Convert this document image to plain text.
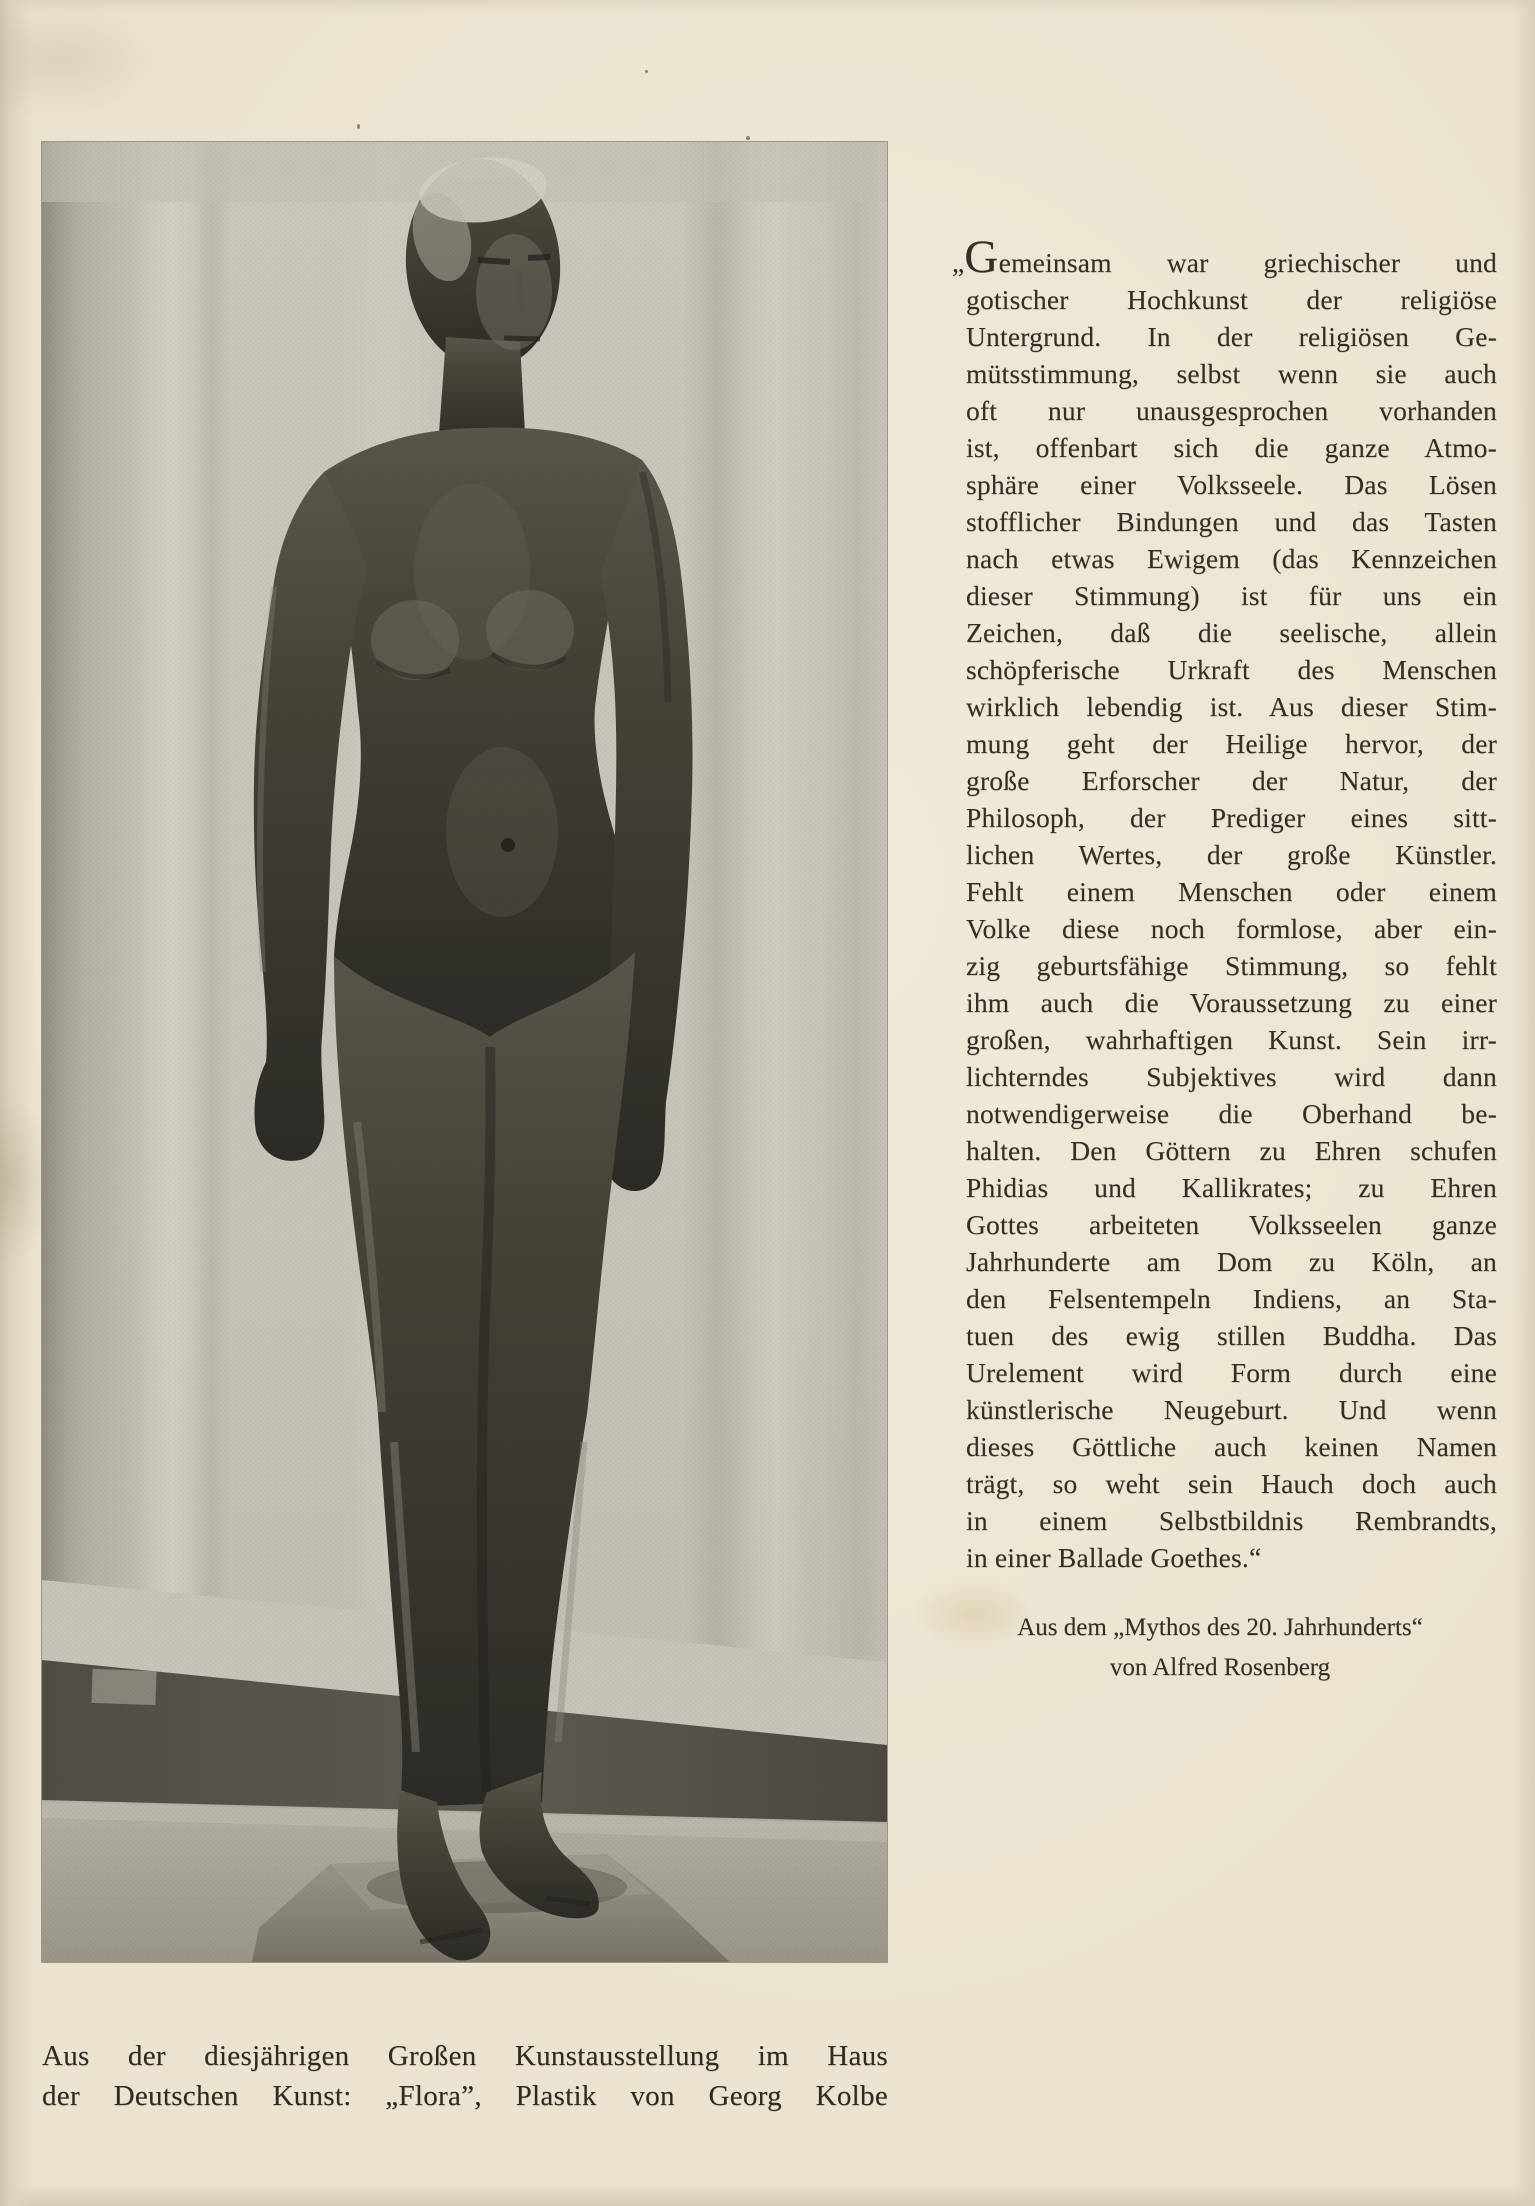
„Gemeinsam war griechischer und
gotischer Hochkunst der religiöse
Untergrund. In der religiösen Ge-
mütsstimmung, selbst wenn sie auch
oft nur unausgesprochen vorhanden
ist, offenbart sich die ganze Atmo-
sphäre einer Volksseele. Das Lösen
stofflicher Bindungen und das Tasten
nach etwas Ewigem (das Kennzeichen
dieser Stimmung) ist für uns ein
Zeichen, daß die seelische, allein
schöpferische Urkraft des Menschen
wirklich lebendig ist. Aus dieser Stim-
mung geht der Heilige hervor, der
große Erforscher der Natur, der
Philosoph, der Prediger eines sitt-
lichen Wertes, der große Künstler.
Fehlt einem Menschen oder einem
Volke diese noch formlose, aber ein-
zig geburtsfähige Stimmung, so fehlt
ihm auch die Voraussetzung zu einer
großen, wahrhaftigen Kunst. Sein irr-
lichterndes Subjektives wird dann
notwendigerweise die Oberhand be-
halten. Den Göttern zu Ehren schufen
Phidias und Kallikrates; zu Ehren
Gottes arbeiteten Volksseelen ganze
Jahrhunderte am Dom zu Köln, an
den Felsentempeln Indiens, an Sta-
tuen des ewig stillen Buddha. Das
Urelement wird Form durch eine
künstlerische Neugeburt. Und wenn
dieses Göttliche auch keinen Namen
trägt, so weht sein Hauch doch auch
in einem Selbstbildnis Rembrandts,
in einer Ballade Goethes.“
Aus dem „Mythos des 20. Jahrhunderts“
von Alfred Rosenberg
Aus der diesjährigen Großen Kunstausstellung im Haus
der Deutschen Kunst: „Flora”, Plastik von Georg Kolbe
